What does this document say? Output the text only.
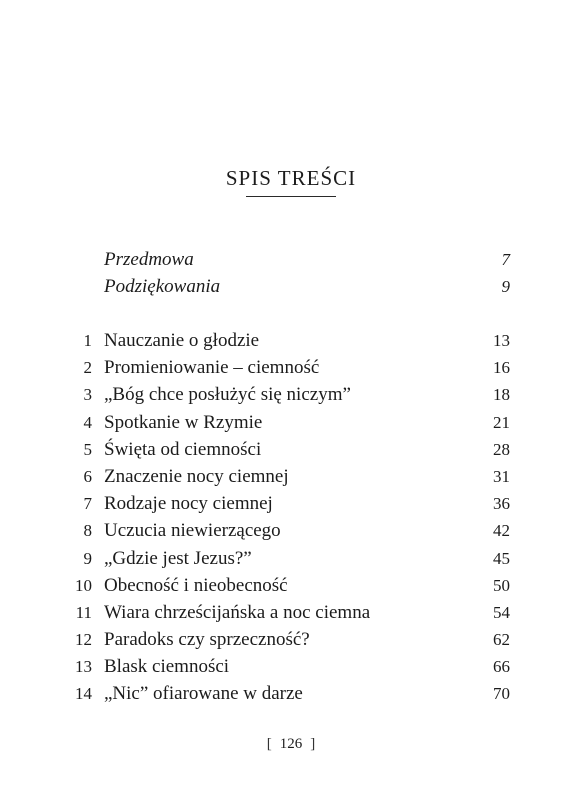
SPIS TREŚCI
Przedmowa	7
Podziękowania	9
1 Nauczanie o głodzie	13
2 Promieniowanie – ciemność	16
3 „Bóg chce posłużyć się niczym”	18
4 Spotkanie w Rzymie	21
5 Święta od ciemności	28
6 Znaczenie nocy ciemnej	31
7 Rodzaje nocy ciemnej	36
8 Uczucia niewierzącego	42
9 „Gdzie jest Jezus?”	45
10 Obecność i nieobecność	50
11 Wiara chrześcijańska a noc ciemna	54
12 Paradoks czy sprzeczność?	62
13 Blask ciemności	66
14 „Nic” ofiarowane w darze	70
[ 126 ]
